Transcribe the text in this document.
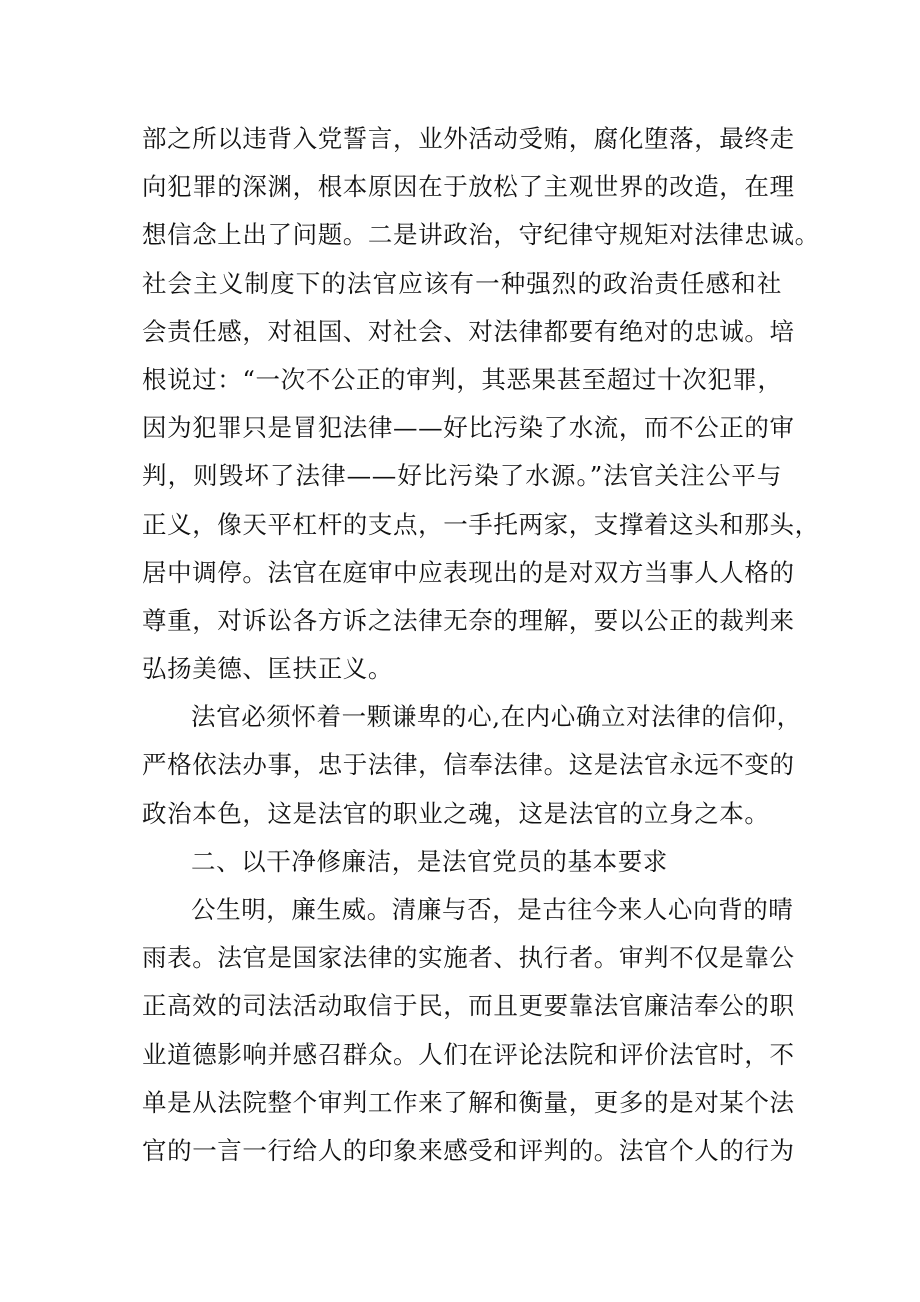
部之所以违背入党誓言，业外活动受贿，腐化堕落，最终走
向犯罪的深渊，根本原因在于放松了主观世界的改造，在理
想信念上出了问题。二是讲政治，守纪律守规矩对法律忠诚。
社会主义制度下的法官应该有一种强烈的政治责任感和社
会责任感，对祖国、对社会、对法律都要有绝对的忠诚。培
根说过：“一次不公正的审判，其恶果甚至超过十次犯罪，
因为犯罪只是冒犯法律——好比污染了水流，而不公正的审
判，则毁坏了法律——好比污染了水源。”法官关注公平与
正义，像天平杠杆的支点，一手托两家，支撑着这头和那头，
居中调停。法官在庭审中应表现出的是对双方当事人人格的
尊重，对诉讼各方诉之法律无奈的理解，要以公正的裁判来
弘扬美德、匡扶正义。
法官必须怀着一颗谦卑的心,在内心确立对法律的信仰，
严格依法办事，忠于法律，信奉法律。这是法官永远不变的
政治本色，这是法官的职业之魂，这是法官的立身之本。
二、以干净修廉洁，是法官党员的基本要求
公生明，廉生威。清廉与否，是古往今来人心向背的晴
雨表。法官是国家法律的实施者、执行者。审判不仅是靠公
正高效的司法活动取信于民，而且更要靠法官廉洁奉公的职
业道德影响并感召群众。人们在评论法院和评价法官时，不
单是从法院整个审判工作来了解和衡量，更多的是对某个法
官的一言一行给人的印象来感受和评判的。法官个人的行为
